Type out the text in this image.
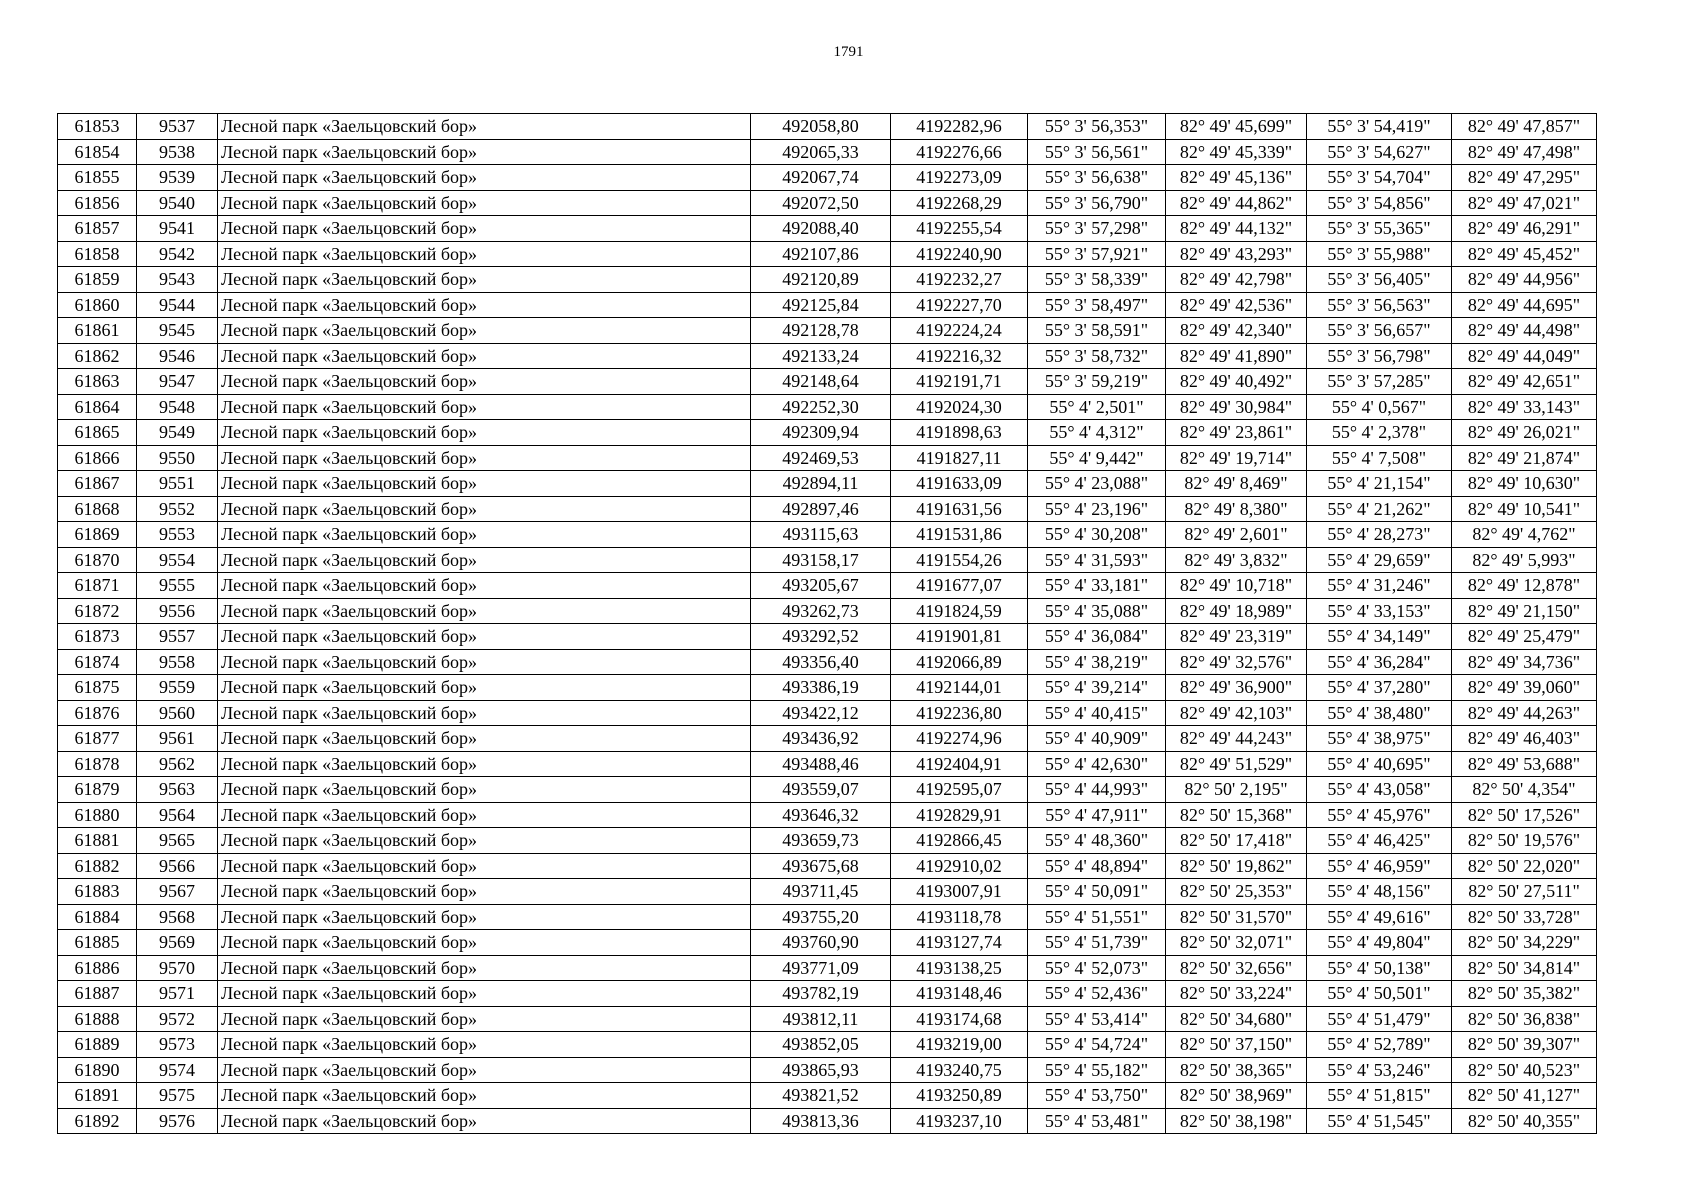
1791
61853	9537	Лесной парк «Заельцовский бор»	492058,80	4192282,96	55° 3' 56,353"	82° 49' 45,699"	55° 3' 54,419"	82° 49' 47,857"
61854	9538	Лесной парк «Заельцовский бор»	492065,33	4192276,66	55° 3' 56,561"	82° 49' 45,339"	55° 3' 54,627"	82° 49' 47,498"
61855	9539	Лесной парк «Заельцовский бор»	492067,74	4192273,09	55° 3' 56,638"	82° 49' 45,136"	55° 3' 54,704"	82° 49' 47,295"
61856	9540	Лесной парк «Заельцовский бор»	492072,50	4192268,29	55° 3' 56,790"	82° 49' 44,862"	55° 3' 54,856"	82° 49' 47,021"
61857	9541	Лесной парк «Заельцовский бор»	492088,40	4192255,54	55° 3' 57,298"	82° 49' 44,132"	55° 3' 55,365"	82° 49' 46,291"
61858	9542	Лесной парк «Заельцовский бор»	492107,86	4192240,90	55° 3' 57,921"	82° 49' 43,293"	55° 3' 55,988"	82° 49' 45,452"
61859	9543	Лесной парк «Заельцовский бор»	492120,89	4192232,27	55° 3' 58,339"	82° 49' 42,798"	55° 3' 56,405"	82° 49' 44,956"
61860	9544	Лесной парк «Заельцовский бор»	492125,84	4192227,70	55° 3' 58,497"	82° 49' 42,536"	55° 3' 56,563"	82° 49' 44,695"
61861	9545	Лесной парк «Заельцовский бор»	492128,78	4192224,24	55° 3' 58,591"	82° 49' 42,340"	55° 3' 56,657"	82° 49' 44,498"
61862	9546	Лесной парк «Заельцовский бор»	492133,24	4192216,32	55° 3' 58,732"	82° 49' 41,890"	55° 3' 56,798"	82° 49' 44,049"
61863	9547	Лесной парк «Заельцовский бор»	492148,64	4192191,71	55° 3' 59,219"	82° 49' 40,492"	55° 3' 57,285"	82° 49' 42,651"
61864	9548	Лесной парк «Заельцовский бор»	492252,30	4192024,30	55° 4' 2,501"	82° 49' 30,984"	55° 4' 0,567"	82° 49' 33,143"
61865	9549	Лесной парк «Заельцовский бор»	492309,94	4191898,63	55° 4' 4,312"	82° 49' 23,861"	55° 4' 2,378"	82° 49' 26,021"
61866	9550	Лесной парк «Заельцовский бор»	492469,53	4191827,11	55° 4' 9,442"	82° 49' 19,714"	55° 4' 7,508"	82° 49' 21,874"
61867	9551	Лесной парк «Заельцовский бор»	492894,11	4191633,09	55° 4' 23,088"	82° 49' 8,469"	55° 4' 21,154"	82° 49' 10,630"
61868	9552	Лесной парк «Заельцовский бор»	492897,46	4191631,56	55° 4' 23,196"	82° 49' 8,380"	55° 4' 21,262"	82° 49' 10,541"
61869	9553	Лесной парк «Заельцовский бор»	493115,63	4191531,86	55° 4' 30,208"	82° 49' 2,601"	55° 4' 28,273"	82° 49' 4,762"
61870	9554	Лесной парк «Заельцовский бор»	493158,17	4191554,26	55° 4' 31,593"	82° 49' 3,832"	55° 4' 29,659"	82° 49' 5,993"
61871	9555	Лесной парк «Заельцовский бор»	493205,67	4191677,07	55° 4' 33,181"	82° 49' 10,718"	55° 4' 31,246"	82° 49' 12,878"
61872	9556	Лесной парк «Заельцовский бор»	493262,73	4191824,59	55° 4' 35,088"	82° 49' 18,989"	55° 4' 33,153"	82° 49' 21,150"
61873	9557	Лесной парк «Заельцовский бор»	493292,52	4191901,81	55° 4' 36,084"	82° 49' 23,319"	55° 4' 34,149"	82° 49' 25,479"
61874	9558	Лесной парк «Заельцовский бор»	493356,40	4192066,89	55° 4' 38,219"	82° 49' 32,576"	55° 4' 36,284"	82° 49' 34,736"
61875	9559	Лесной парк «Заельцовский бор»	493386,19	4192144,01	55° 4' 39,214"	82° 49' 36,900"	55° 4' 37,280"	82° 49' 39,060"
61876	9560	Лесной парк «Заельцовский бор»	493422,12	4192236,80	55° 4' 40,415"	82° 49' 42,103"	55° 4' 38,480"	82° 49' 44,263"
61877	9561	Лесной парк «Заельцовский бор»	493436,92	4192274,96	55° 4' 40,909"	82° 49' 44,243"	55° 4' 38,975"	82° 49' 46,403"
61878	9562	Лесной парк «Заельцовский бор»	493488,46	4192404,91	55° 4' 42,630"	82° 49' 51,529"	55° 4' 40,695"	82° 49' 53,688"
61879	9563	Лесной парк «Заельцовский бор»	493559,07	4192595,07	55° 4' 44,993"	82° 50' 2,195"	55° 4' 43,058"	82° 50' 4,354"
61880	9564	Лесной парк «Заельцовский бор»	493646,32	4192829,91	55° 4' 47,911"	82° 50' 15,368"	55° 4' 45,976"	82° 50' 17,526"
61881	9565	Лесной парк «Заельцовский бор»	493659,73	4192866,45	55° 4' 48,360"	82° 50' 17,418"	55° 4' 46,425"	82° 50' 19,576"
61882	9566	Лесной парк «Заельцовский бор»	493675,68	4192910,02	55° 4' 48,894"	82° 50' 19,862"	55° 4' 46,959"	82° 50' 22,020"
61883	9567	Лесной парк «Заельцовский бор»	493711,45	4193007,91	55° 4' 50,091"	82° 50' 25,353"	55° 4' 48,156"	82° 50' 27,511"
61884	9568	Лесной парк «Заельцовский бор»	493755,20	4193118,78	55° 4' 51,551"	82° 50' 31,570"	55° 4' 49,616"	82° 50' 33,728"
61885	9569	Лесной парк «Заельцовский бор»	493760,90	4193127,74	55° 4' 51,739"	82° 50' 32,071"	55° 4' 49,804"	82° 50' 34,229"
61886	9570	Лесной парк «Заельцовский бор»	493771,09	4193138,25	55° 4' 52,073"	82° 50' 32,656"	55° 4' 50,138"	82° 50' 34,814"
61887	9571	Лесной парк «Заельцовский бор»	493782,19	4193148,46	55° 4' 52,436"	82° 50' 33,224"	55° 4' 50,501"	82° 50' 35,382"
61888	9572	Лесной парк «Заельцовский бор»	493812,11	4193174,68	55° 4' 53,414"	82° 50' 34,680"	55° 4' 51,479"	82° 50' 36,838"
61889	9573	Лесной парк «Заельцовский бор»	493852,05	4193219,00	55° 4' 54,724"	82° 50' 37,150"	55° 4' 52,789"	82° 50' 39,307"
61890	9574	Лесной парк «Заельцовский бор»	493865,93	4193240,75	55° 4' 55,182"	82° 50' 38,365"	55° 4' 53,246"	82° 50' 40,523"
61891	9575	Лесной парк «Заельцовский бор»	493821,52	4193250,89	55° 4' 53,750"	82° 50' 38,969"	55° 4' 51,815"	82° 50' 41,127"
61892	9576	Лесной парк «Заельцовский бор»	493813,36	4193237,10	55° 4' 53,481"	82° 50' 38,198"	55° 4' 51,545"	82° 50' 40,355"
